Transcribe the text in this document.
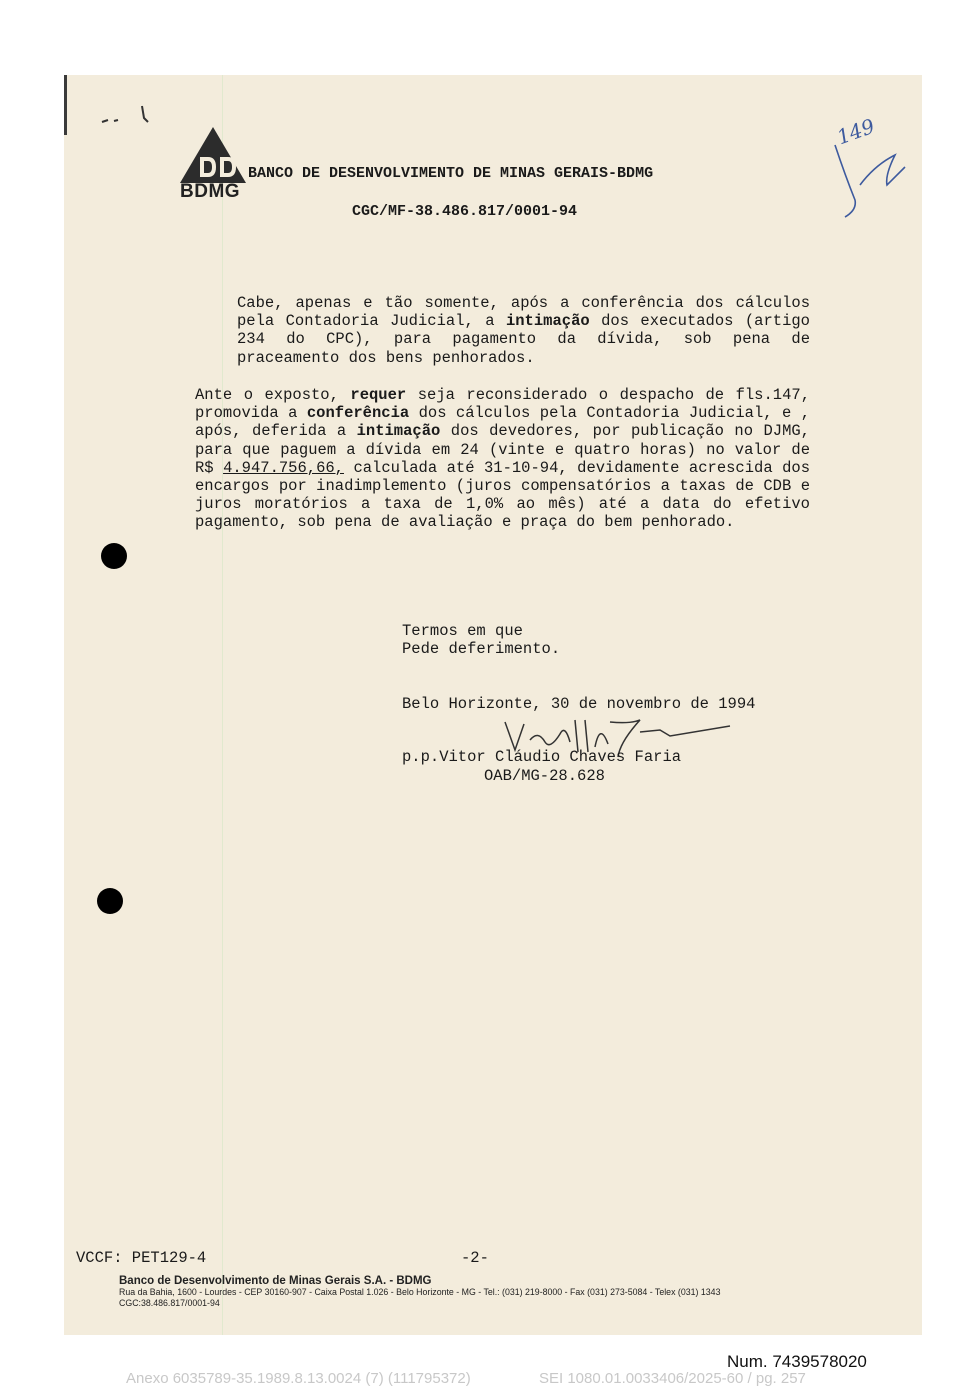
BDMG
BANCO DE DESENVOLVIMENTO DE MINAS GERAIS-BDMG
CGC/MF-38.486.817/0001-94
149
Cabe, apenas e tão somente, após a conferência dos cálculos pela Contadoria Judicial, a intimação dos executados (artigo 234 do CPC), para pagamento da dívida, sob pena de praceamento dos bens penhorados.
Ante o exposto, requer seja reconsiderado o despacho de fls.147, promovida a conferência dos cálculos pela Contadoria Judicial, e , após, deferida a intimação dos devedores, por publicação no DJMG, para que paguem a dívida em 24 (vinte e quatro horas) no valor de R$ 4.947.756,66, calculada até 31-10-94, devidamente acrescida dos encargos por inadimplemento (juros compensatórios a taxas de CDB e juros moratórios a taxa de 1,0% ao mês) até a data do efetivo pagamento, sob pena de avaliação e praça do bem penhorado.
Termos em que
Pede deferimento.
Belo Horizonte, 30 de novembro de 1994
p.p.Vitor Cláudio Chaves Faria
OAB/MG-28.628
VCCF: PET129-4	-2-
Banco de Desenvolvimento de Minas Gerais S.A. - BDMG
Rua da Bahia, 1600 - Lourdes - CEP 30160-907 - Caixa Postal 1.026 - Belo Horizonte - MG - Tel.: (031) 219-8000 - Fax (031) 273-5084 - Telex (031) 1343
CGC:38.486.817/0001-94
Num. 7439578020
Anexo 6035789-35.1989.8.13.0024 (7) (111795372)	SEI 1080.01.0033406/2025-60 / pg. 257
